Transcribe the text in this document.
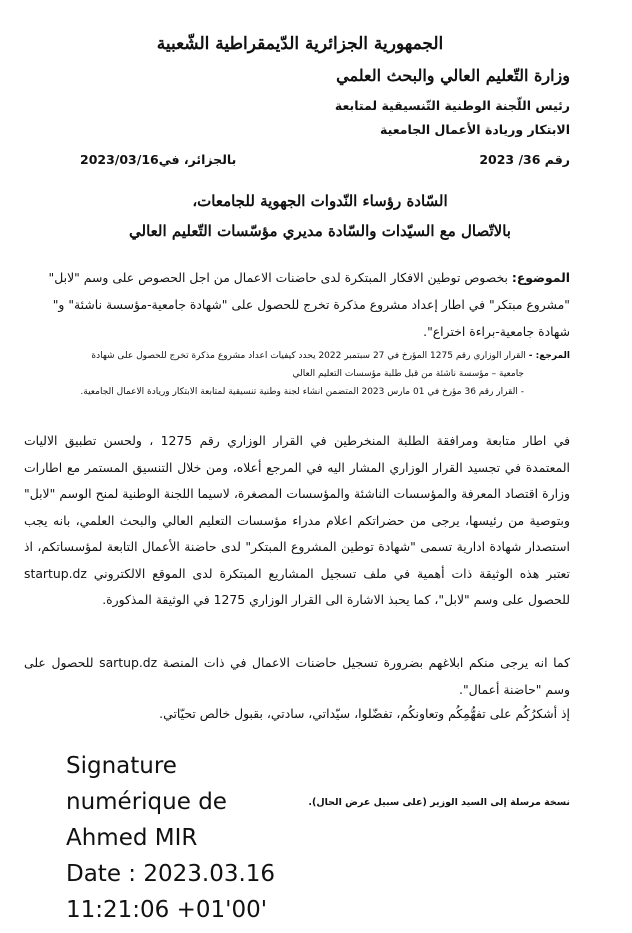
الجمهورية الجزائرية الدّيمقراطية الشّعبية
وزارة التّعليم العالي والبحث العلمي
رئيس اللّجنة الوطنية التّنسيقية لمتابعة
الابتكار وريادة الأعمال الجامعية
رقم 36/ 2023
بالجزائر، في2023/03/16
السّادة رؤساء النّدوات الجهوية للجامعات،
بالاتّصال مع السيّدات والسّادة مديري مؤسّسات التّعليم العالي
الموضوع: بخصوص توطين الافكار المبتكرة لدى حاضنات الاعمال من اجل الحصوص على وسم "لابل" "مشروع مبتكر" في اطار إعداد مشروع مذكرة تخرج للحصول على "شهادة جامعية-مؤسسة ناشئة" و" شهادة جامعية-براءة اختراع".
المرجع: - القرار الوزاري رقم 1275 المؤرخ في 27 سبتمبر 2022 يحدد كيفيات اعداد مشروع مذكرة تخرج للحصول على شهادة
جامعية – مؤسسة ناشئة من قبل طلبة مؤسسات التعليم العالي
- القرار رقم 36 مؤرخ في 01 مارس 2023 المتضمن انشاء لجنة وطنية تنسيقية لمتابعة الابتكار وريادة الاعمال الجامعية.
في اطار متابعة ومرافقة الطلبة المنخرطين في القرار الوزاري رقم 1275 ، ولحسن تطبيق الاليات المعتمدة في تجسيد القرار الوزاري المشار اليه في المرجع أعلاه، ومن خلال التنسيق المستمر مع اطارات وزارة اقتصاد المعرفة والمؤسسات الناشئة والمؤسسات المصغرة، لاسيما اللجنة الوطنية لمنح الوسم "لابل" وبتوصية من رئيسها، يرجى من حضراتكم اعلام مدراء مؤسسات التعليم العالي والبحث العلمي، بانه يجب استصدار شهادة ادارية تسمى "شهادة توطين المشروع المبتكر" لدى حاضنة الأعمال التابعة لمؤسساتكم، اذ تعتبر هذه الوثيقة ذات أهمية في ملف تسجيل المشاريع المبتكرة لدى الموقع الالكتروني startup.dz للحصول على وسم "لابل"، كما يحبذ الاشارة الى القرار الوزاري 1275 في الوثيقة المذكورة.
كما انه يرجى منكم ابلاغهم بضرورة تسجيل حاضنات الاعمال في ذات المنصة sartup.dz للحصول على وسم "حاضنة أعمال".
إذ أشكرُكُم على تفهُّمِكُم وتعاونكُم، تفضّلوا، سيّداتي، سادتي، بقبول خالص تحيّاتي.
نسخة مرسلة إلى السيد الوزير (على سبيل عرض الحال).
Signature
numérique de
Ahmed MIR
Date : 2023.03.16
11:21:06 +01'00'
